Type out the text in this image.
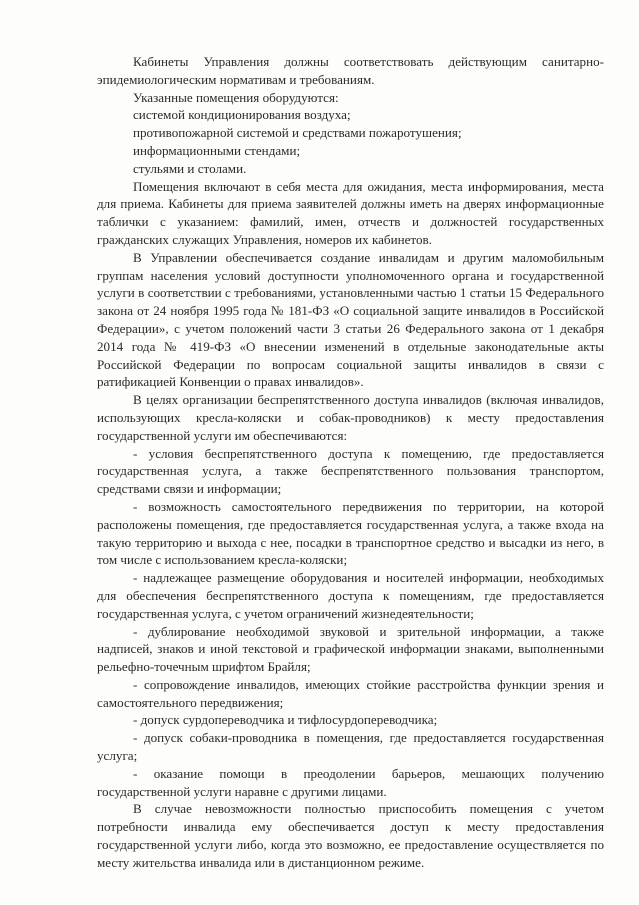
Кабинеты Управления должны соответствовать действующим санитарно-эпидемиологическим нормативам и требованиям.

Указанные помещения оборудуются:

системой кондиционирования воздуха;

противопожарной системой и средствами пожаротушения;

информационными стендами;

стульями и столами.

Помещения включают в себя места для ожидания, места информирования, места для приема. Кабинеты для приема заявителей должны иметь на дверях информационные таблички с указанием: фамилий, имен, отчеств и должностей государственных гражданских служащих Управления, номеров их кабинетов.

В Управлении обеспечивается создание инвалидам и другим маломобильным группам населения условий доступности уполномоченного органа и государственной услуги в соответствии с требованиями, установленными частью 1 статьи 15 Федерального закона от 24 ноября 1995 года № 181-ФЗ «О социальной защите инвалидов в Российской Федерации», с учетом положений части 3 статьи 26 Федерального закона от 1 декабря 2014 года № 419-ФЗ «О внесении изменений в отдельные законодательные акты Российской Федерации по вопросам социальной защиты инвалидов в связи с ратификацией Конвенции о правах инвалидов».

В целях организации беспрепятственного доступа инвалидов (включая инвалидов, использующих кресла-коляски и собак-проводников) к месту предоставления государственной услуги им обеспечиваются:

- условия беспрепятственного доступа к помещению, где предоставляется государственная услуга, а также беспрепятственного пользования транспортом, средствами связи и информации;

- возможность самостоятельного передвижения по территории, на которой расположены помещения, где предоставляется государственная услуга, а также входа на такую территорию и выхода с нее, посадки в транспортное средство и высадки из него, в том числе с использованием кресла-коляски;

- надлежащее размещение оборудования и носителей информации, необходимых для обеспечения беспрепятственного доступа к помещениям, где предоставляется государственная услуга, с учетом ограничений жизнедеятельности;

- дублирование необходимой звуковой и зрительной информации, а также надписей, знаков и иной текстовой и графической информации знаками, выполненными рельефно-точечным шрифтом Брайля;

- сопровождение инвалидов, имеющих стойкие расстройства функции зрения и самостоятельного передвижения;

- допуск сурдопереводчика и тифлосурдопереводчика;

- допуск собаки-проводника в помещения, где предоставляется государственная услуга;

- оказание помощи в преодолении барьеров, мешающих получению государственной услуги наравне с другими лицами.

В случае невозможности полностью приспособить помещения с учетом потребности инвалида ему обеспечивается доступ к месту предоставления государственной услуги либо, когда это возможно, ее предоставление осуществляется по месту жительства инвалида или в дистанционном режиме.
